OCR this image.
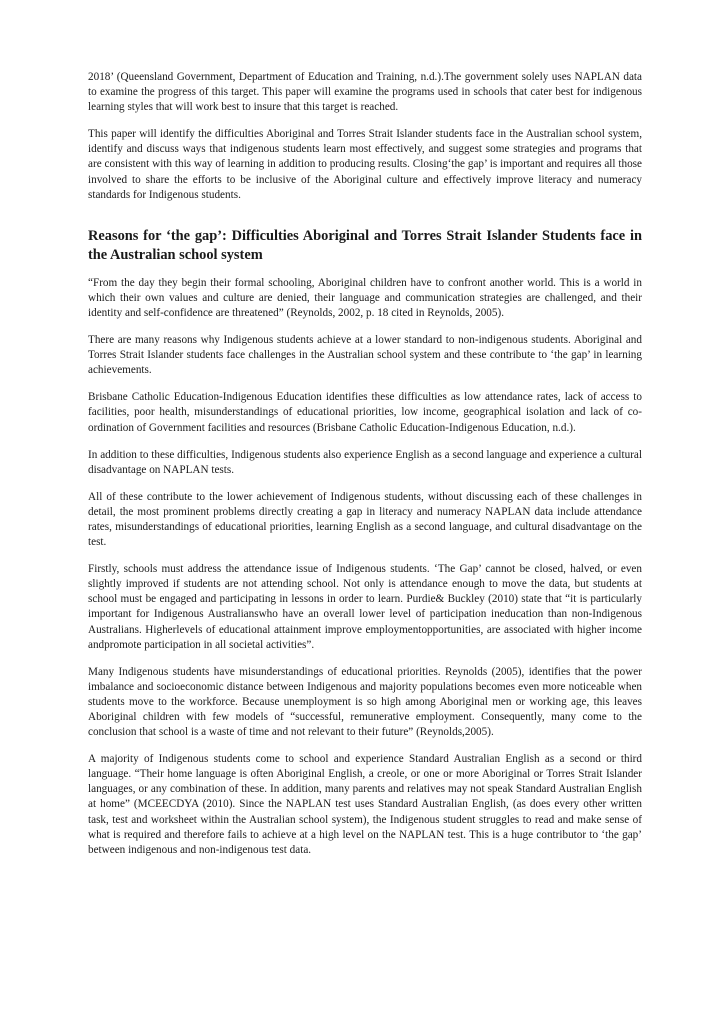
2018’ (Queensland Government, Department of Education and Training, n.d.).The government solely uses NAPLAN data to examine the progress of this target. This paper will examine the programs used in schools that cater best for indigenous learning styles that will work best to insure that this target is reached.

This paper will identify the difficulties Aboriginal and Torres Strait Islander students face in the Australian school system, identify and discuss ways that indigenous students learn most effectively, and suggest some strategies and programs that are consistent with this way of learning in addition to producing results. Closing‘the gap’ is important and requires all those involved to share the efforts to be inclusive of the Aboriginal culture and effectively improve literacy and numeracy standards for Indigenous students.

Reasons for ‘the gap’: Difficulties Aboriginal and Torres Strait Islander Students face in the Australian school system

“From the day they begin their formal schooling, Aboriginal children have to confront another world. This is a world in which their own values and culture are denied, their language and communication strategies are challenged, and their identity and self-confidence are threatened” (Reynolds, 2002, p. 18 cited in Reynolds, 2005).

There are many reasons why Indigenous students achieve at a lower standard to non-indigenous students. Aboriginal and Torres Strait Islander students face challenges in the Australian school system and these contribute to ‘the gap’ in learning achievements.

Brisbane Catholic Education-Indigenous Education identifies these difficulties as low attendance rates, lack of access to facilities, poor health, misunderstandings of educational priorities, low income, geographical isolation and lack of co-ordination of Government facilities and resources (Brisbane Catholic Education-Indigenous Education, n.d.).

In addition to these difficulties, Indigenous students also experience English as a second language and experience a cultural disadvantage on NAPLAN tests.

All of these contribute to the lower achievement of Indigenous students, without discussing each of these challenges in detail, the most prominent problems directly creating a gap in literacy and numeracy NAPLAN data include attendance rates, misunderstandings of educational priorities, learning English as a second language, and cultural disadvantage on the test.

Firstly, schools must address the attendance issue of Indigenous students. ‘The Gap’ cannot be closed, halved, or even slightly improved if students are not attending school. Not only is attendance enough to move the data, but students at school must be engaged and participating in lessons in order to learn. Purdie& Buckley (2010) state that “it is particularly important for Indigenous Australianswho have an overall lower level of participation ineducation than non-Indigenous Australians. Higherlevels of educational attainment improve employmentopportunities, are associated with higher income andpromote participation in all societal activities”.

Many Indigenous students have misunderstandings of educational priorities. Reynolds (2005), identifies that the power imbalance and socioeconomic distance between Indigenous and majority populations becomes even more noticeable when students move to the workforce. Because unemployment is so high among Aboriginal men or working age, this leaves Aboriginal children with few models of “successful, remunerative employment. Consequently, many come to the conclusion that school is a waste of time and not relevant to their future” (Reynolds,2005).

A majority of Indigenous students come to school and experience Standard Australian English as a second or third language. “Their home language is often Aboriginal English, a creole, or one or more Aboriginal or Torres Strait Islander languages, or any combination of these. In addition, many parents and relatives may not speak Standard Australian English at home” (MCEECDYA (2010). Since the NAPLAN test uses Standard Australian English, (as does every other written task, test and worksheet within the Australian school system), the Indigenous student struggles to read and make sense of what is required and therefore fails to achieve at a high level on the NAPLAN test. This is a huge contributor to ‘the gap’ between indigenous and non-indigenous test data.
